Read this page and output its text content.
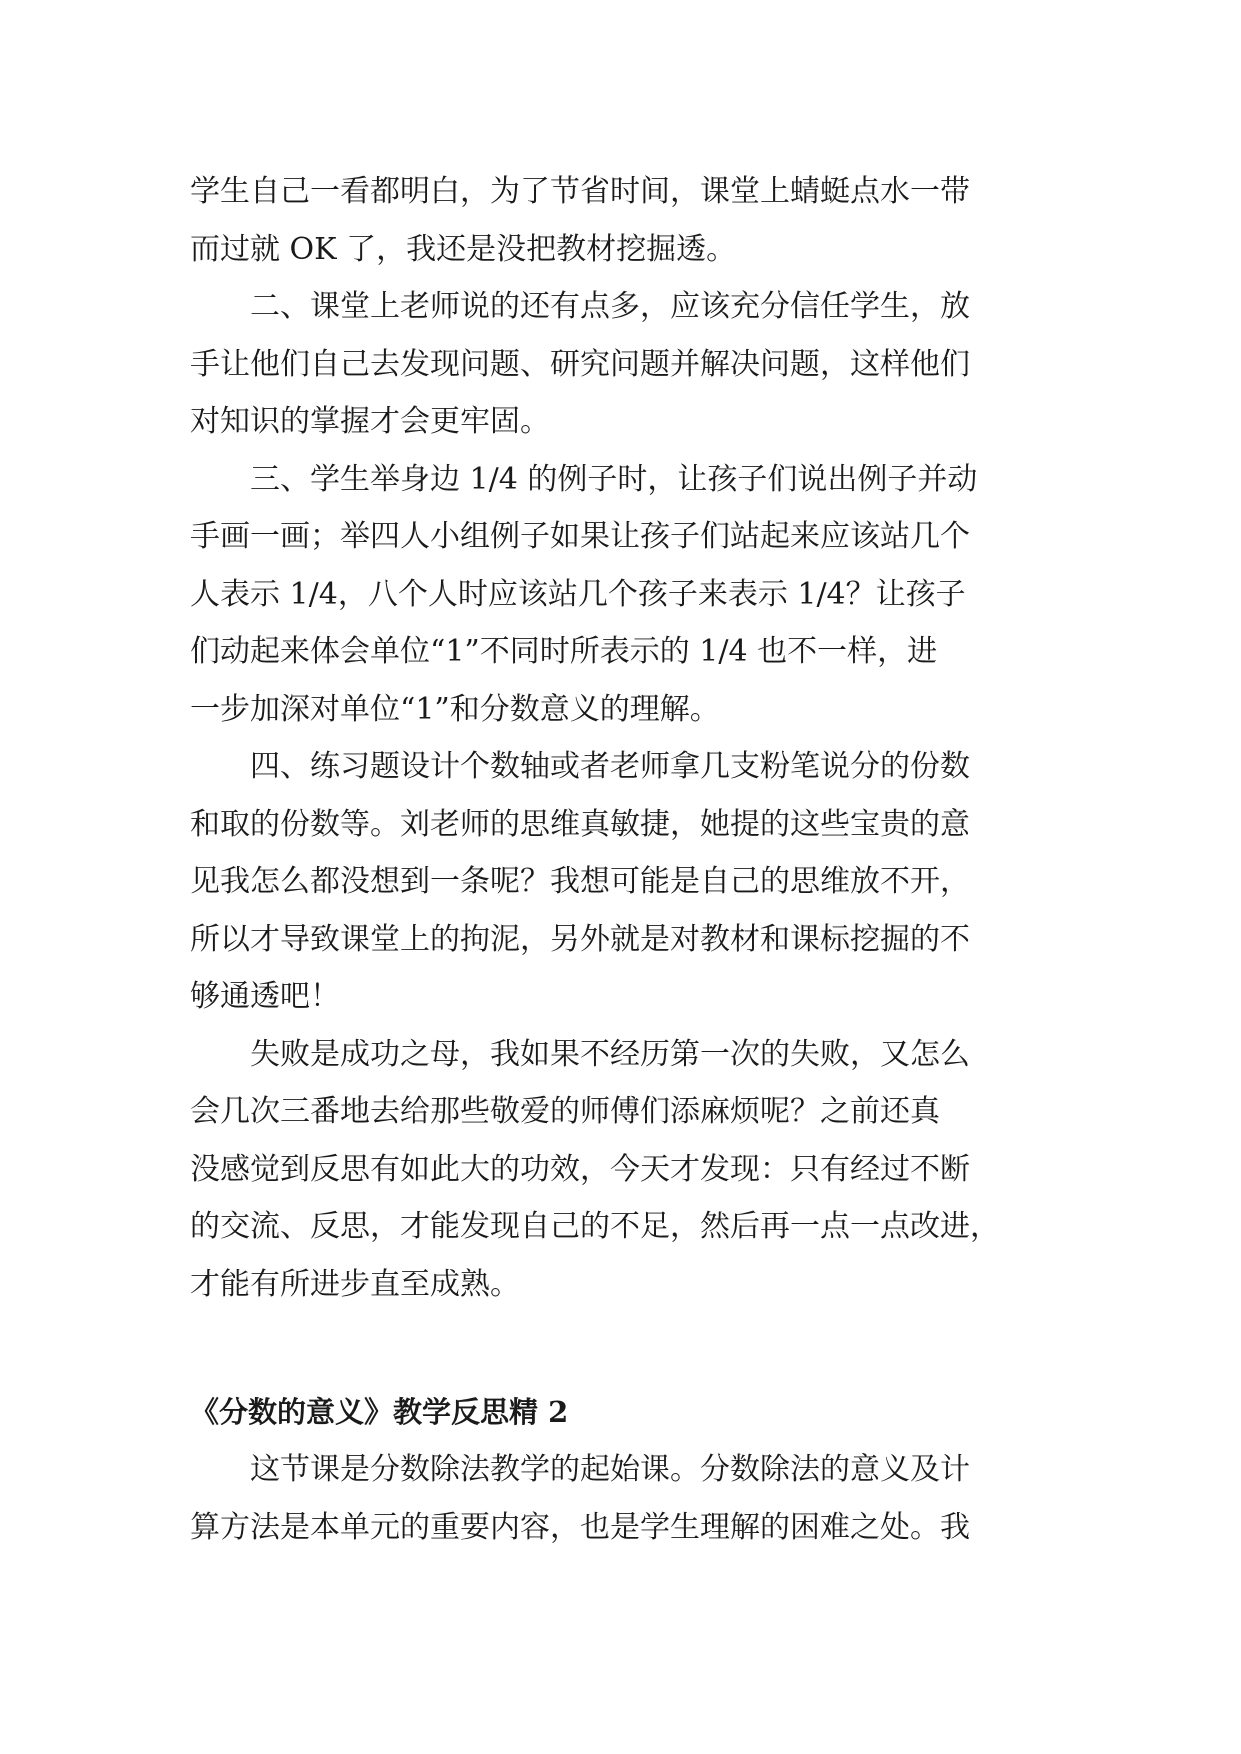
学生自己一看都明白，为了节省时间，课堂上蜻蜓点水一带
而过就 OK 了，我还是没把教材挖掘透。

　　二、课堂上老师说的还有点多，应该充分信任学生，放
手让他们自己去发现问题、研究问题并解决问题，这样他们
对知识的掌握才会更牢固。

　　三、学生举身边 1/4 的例子时，让孩子们说出例子并动
手画一画；举四人小组例子如果让孩子们站起来应该站几个
人表示 1/4，八个人时应该站几个孩子来表示 1/4？让孩子
们动起来体会单位“1”不同时所表示的 1/4 也不一样，进
一步加深对单位“1”和分数意义的理解。

　　四、练习题设计个数轴或者老师拿几支粉笔说分的份数
和取的份数等。刘老师的思维真敏捷，她提的这些宝贵的意
见我怎么都没想到一条呢？我想可能是自己的思维放不开，
所以才导致课堂上的拘泥，另外就是对教材和课标挖掘的不
够通透吧！

　　失败是成功之母，我如果不经历第一次的失败，又怎么
会几次三番地去给那些敬爱的师傅们添麻烦呢？之前还真
没感觉到反思有如此大的功效，今天才发现：只有经过不断
的交流、反思，才能发现自己的不足，然后再一点一点改进，
才能有所进步直至成熟。

《分数的意义》教学反思精 2

　　这节课是分数除法教学的起始课。分数除法的意义及计
算方法是本单元的重要内容，也是学生理解的困难之处。我
